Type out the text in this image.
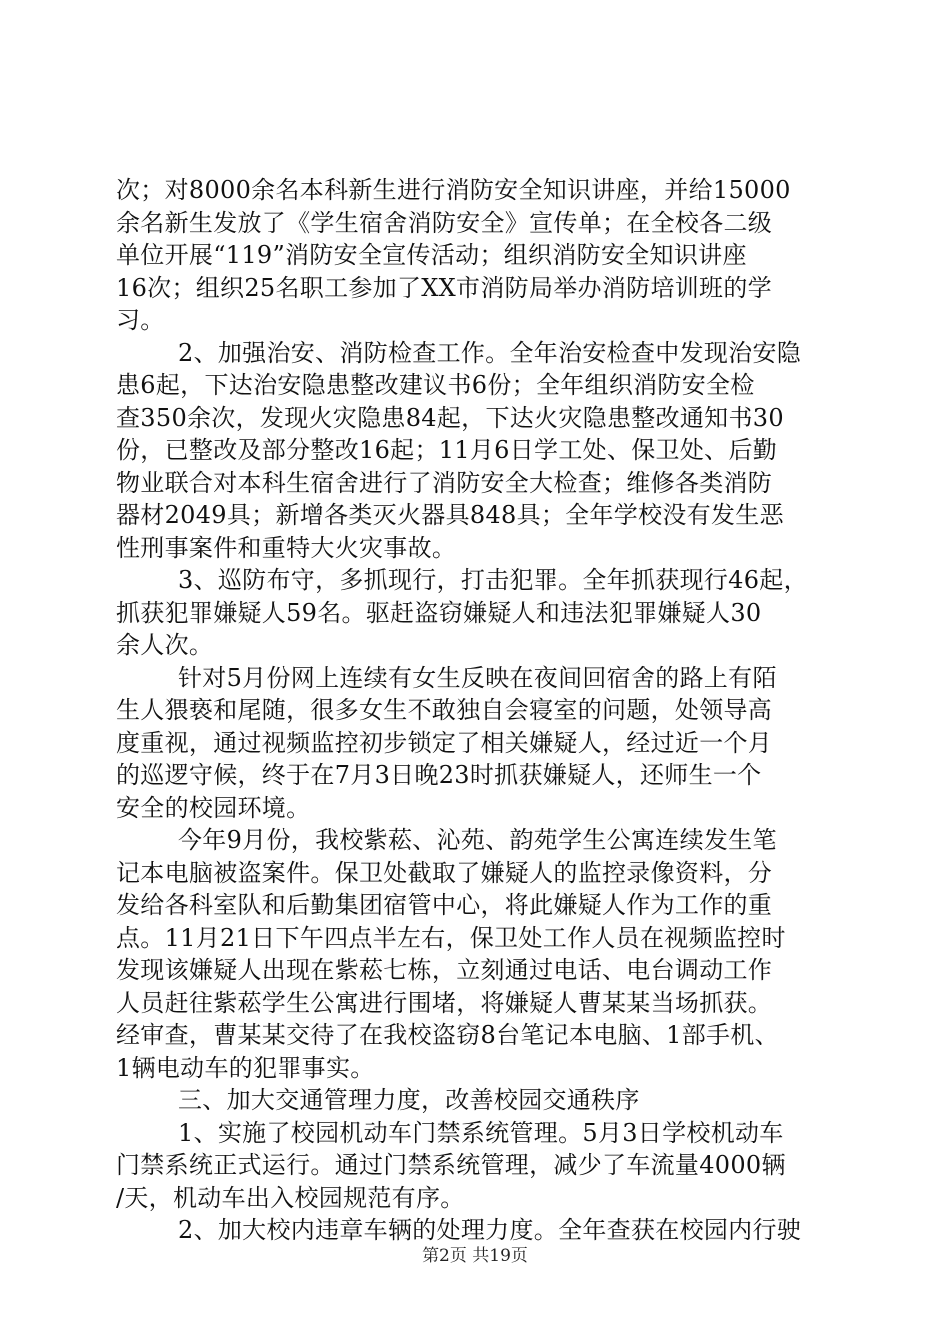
次；对8000余名本科新生进行消防安全知识讲座，并给15000
余名新生发放了《学生宿舍消防安全》宣传单；在全校各二级
单位开展“119”消防安全宣传活动；组织消防安全知识讲座
16次；组织25名职工参加了XX市消防局举办消防培训班的学
习。
2、加强治安、消防检查工作。全年治安检查中发现治安隐
患6起，下达治安隐患整改建议书6份；全年组织消防安全检
查350余次，发现火灾隐患84起，下达火灾隐患整改通知书30
份，已整改及部分整改16起；11月6日学工处、保卫处、后勤
物业联合对本科生宿舍进行了消防安全大检查；维修各类消防
器材2049具；新增各类灭火器具848具；全年学校没有发生恶
性刑事案件和重特大火灾事故。
3、巡防布守，多抓现行，打击犯罪。全年抓获现行46起，
抓获犯罪嫌疑人59名。驱赶盗窃嫌疑人和违法犯罪嫌疑人30
余人次。
针对5月份网上连续有女生反映在夜间回宿舍的路上有陌
生人猥亵和尾随，很多女生不敢独自会寝室的问题，处领导高
度重视，通过视频监控初步锁定了相关嫌疑人，经过近一个月
的巡逻守候，终于在7月3日晚23时抓获嫌疑人，还师生一个
安全的校园环境。
今年9月份，我校紫菘、沁苑、韵苑学生公寓连续发生笔
记本电脑被盗案件。保卫处截取了嫌疑人的监控录像资料，分
发给各科室队和后勤集团宿管中心，将此嫌疑人作为工作的重
点。11月21日下午四点半左右，保卫处工作人员在视频监控时
发现该嫌疑人出现在紫菘七栋，立刻通过电话、电台调动工作
人员赶往紫菘学生公寓进行围堵，将嫌疑人曹某某当场抓获。
经审查，曹某某交待了在我校盗窃8台笔记本电脑、1部手机、
1辆电动车的犯罪事实。
三、加大交通管理力度，改善校园交通秩序
1、实施了校园机动车门禁系统管理。5月3日学校机动车
门禁系统正式运行。通过门禁系统管理，减少了车流量4000辆
/天，机动车出入校园规范有序。
2、加大校内违章车辆的处理力度。全年查获在校园内行驶
第2页 共19页
